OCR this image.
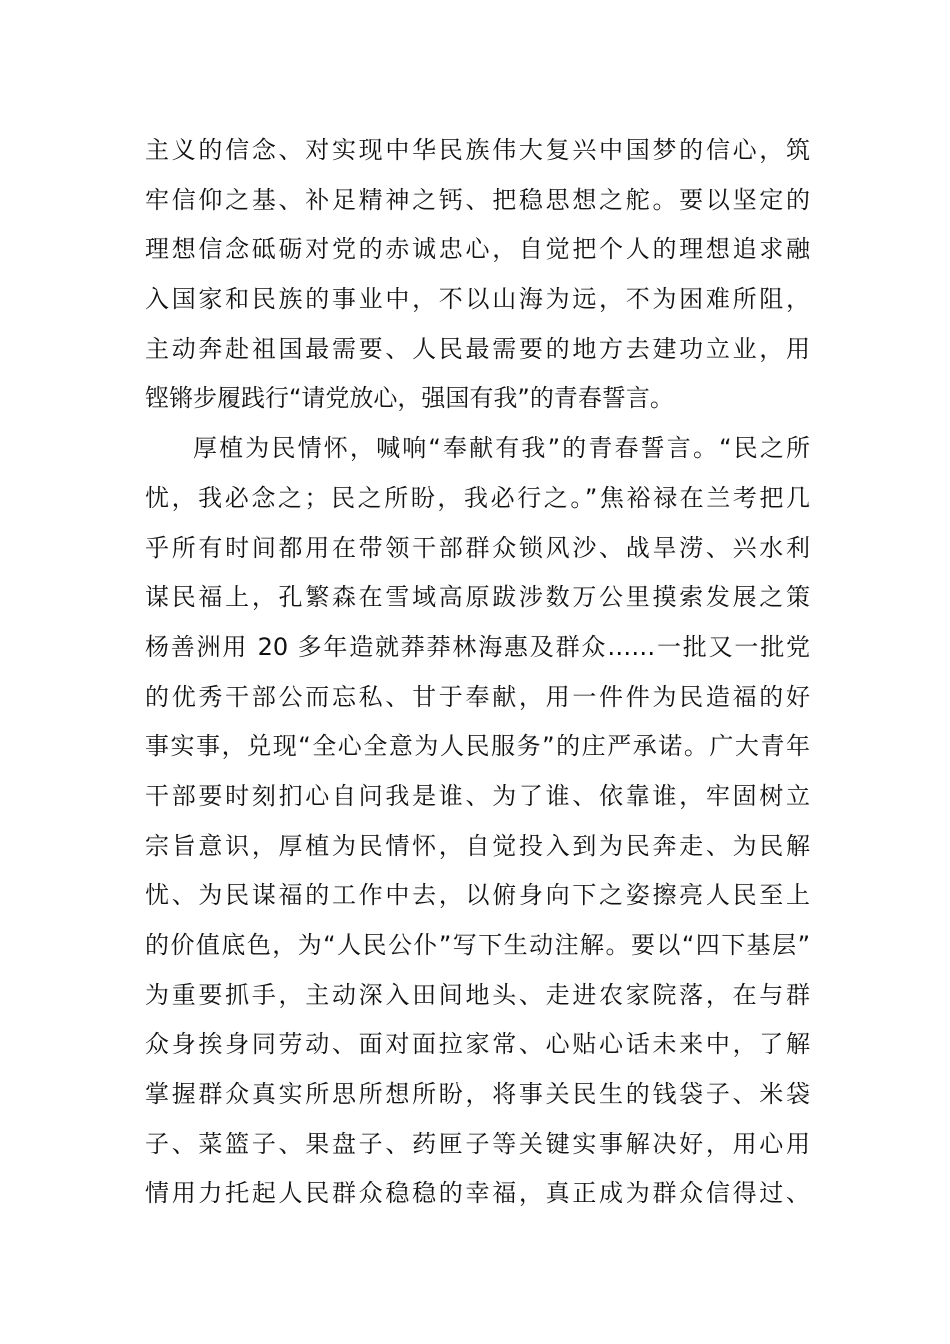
主义的信念、对实现中华民族伟大复兴中国梦的信心，筑
牢信仰之基、补足精神之钙、把稳思想之舵。要以坚定的
理想信念砥砺对党的赤诚忠心，自觉把个人的理想追求融
入国家和民族的事业中，不以山海为远，不为困难所阻，
主动奔赴祖国最需要、人民最需要的地方去建功立业，用
铿锵步履践行“请党放心，强国有我”的青春誓言。
厚植为民情怀，喊响“奉献有我”的青春誓言。“民之所
忧，我必念之；民之所盼，我必行之。”焦裕禄在兰考把几
乎所有时间都用在带领干部群众锁风沙、战旱涝、兴水利
谋民福上，孔繁森在雪域高原跋涉数万公里摸索发展之策
杨善洲用 20 多年造就莽莽林海惠及群众……一批又一批党
的优秀干部公而忘私、甘于奉献，用一件件为民造福的好
事实事，兑现“全心全意为人民服务”的庄严承诺。广大青年
干部要时刻扪心自问我是谁、为了谁、依靠谁，牢固树立
宗旨意识，厚植为民情怀，自觉投入到为民奔走、为民解
忧、为民谋福的工作中去，以俯身向下之姿擦亮人民至上
的价值底色，为“人民公仆”写下生动注解。要以“四下基层”
为重要抓手，主动深入田间地头、走进农家院落，在与群
众身挨身同劳动、面对面拉家常、心贴心话未来中，了解
掌握群众真实所思所想所盼，将事关民生的钱袋子、米袋
子、菜篮子、果盘子、药匣子等关键实事解决好，用心用
情用力托起人民群众稳稳的幸福，真正成为群众信得过、
